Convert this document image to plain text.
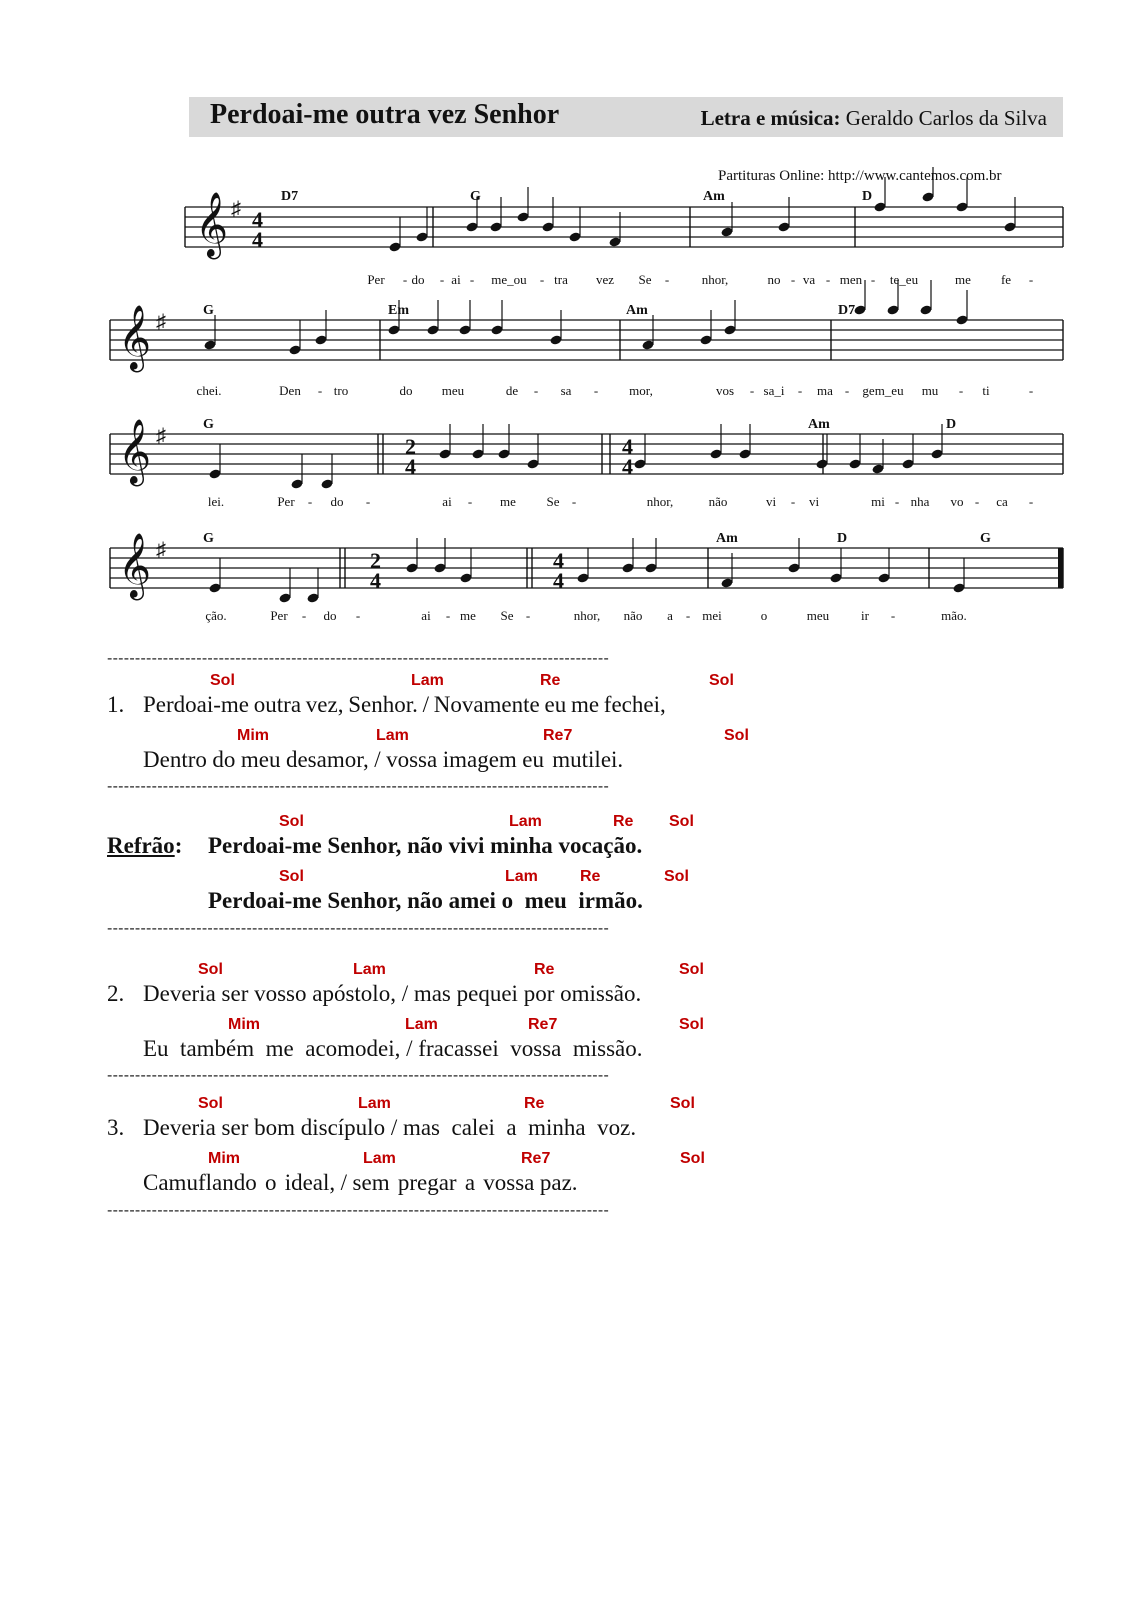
Perdoai-me outra vez Senhor	Letra e música: Geraldo Carlos da Silva
Partituras Online: http://www.cantemos.com.br
𝄞 ♯ 4
4
D7	G	Am	D
Per - do - ai - me_ou - tra vez Se -	nhor,	no - va - men - te_eu	me fe -
𝄞 ♯
G	Em	Am	D7
chei.	Den - tro	do meu	de - sa - mor,	vos - sa_i - ma - gem_eu mu - ti	-
𝄞 ♯	2
4
4
4
G	Am	D
lei.	Per - do -	ai - me Se -	nhor,	não	vi - vi	mi - nha vo - ca -
𝄞 ♯	2
4
4
4
G	Am	D	G
ção.	Per - do -	ai - me Se -	nhor, não a - mei	o	meu ir -	mão.
------------------------------------------------------------------------------------------
Sol	Lam	Re	Sol
1. Perdoai-me outra vez, Senhor. / Novamente eu me fechei,
Mim	Lam	Re7	Sol
Dentro  do  meu  desamor,  /  vossa  imagem  eu   mutilei.
------------------------------------------------------------------------------------------
Sol	Lam	Re Sol
Refrão: Perdoai-me Senhor, não vivi minha vocação.
Sol	Lam	Re	Sol
Perdoai-me Senhor, não amei o  meu  irmão.
------------------------------------------------------------------------------------------
Sol	Lam	Re	Sol
2. Deveria ser vosso apóstolo, / mas pequei por omissão.
Mim	Lam	Re7	Sol
Eu  também  me  acomodei, / fracassei  vossa  missão.
------------------------------------------------------------------------------------------
Sol	Lam	Re	Sol
3. Deveria ser bom discípulo / mas  calei  a  minha  voz.
Mim	Lam	Re7	Sol
Camuflando   o   ideal,  /  sem   pregar   a   vossa  paz.
------------------------------------------------------------------------------------------
